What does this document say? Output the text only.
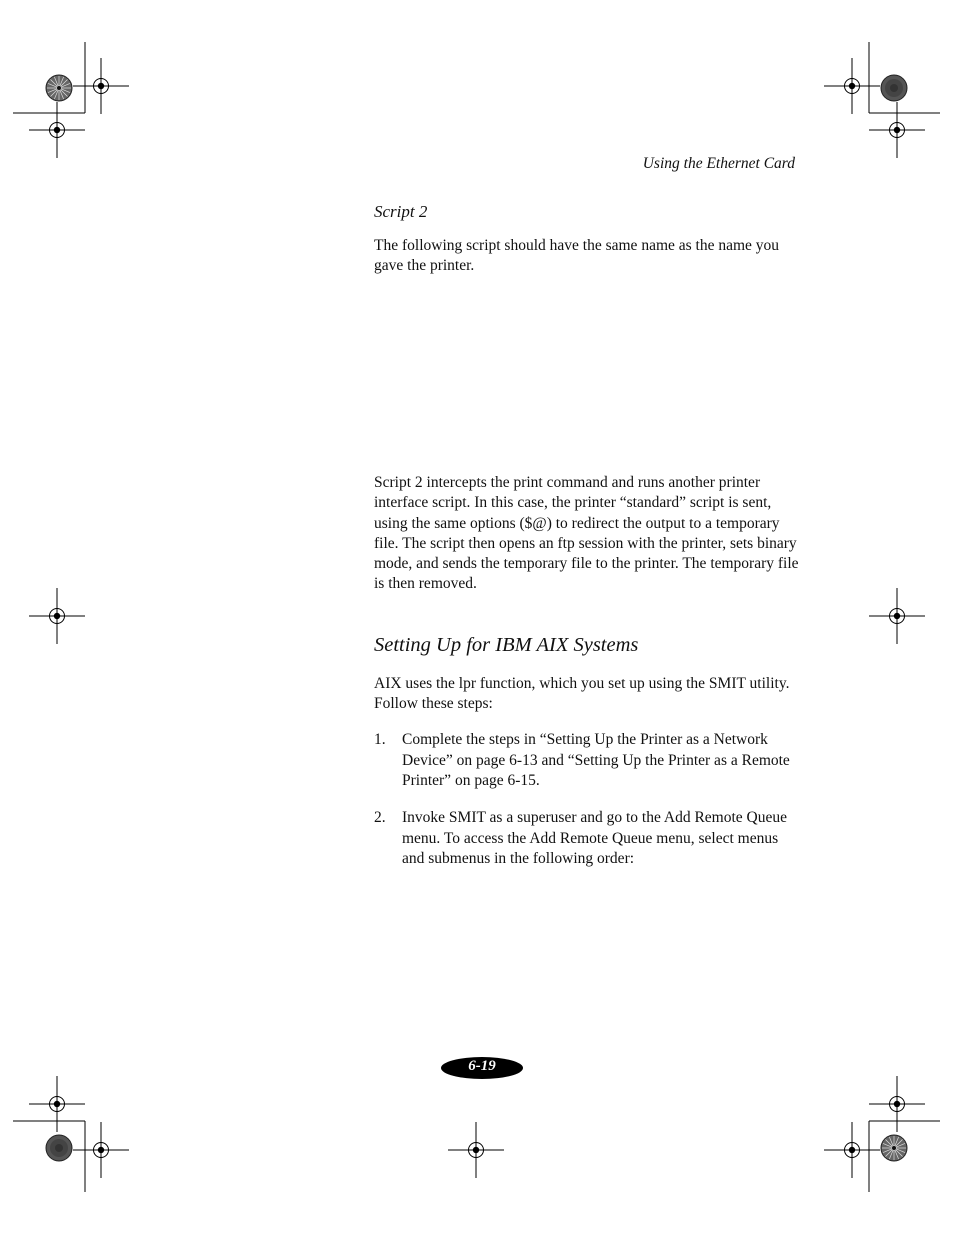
Using the Ethernet Card
Script 2
The following script should have the same name as the name you gave the printer.
Script 2 intercepts the print command and runs another printer interface script. In this case, the printer “standard” script is sent, using the same options ($@) to redirect the output to a temporary file. The script then opens an ftp session with the printer, sets binary mode, and sends the temporary file to the printer. The temporary file is then removed.
Setting Up for IBM AIX Systems
AIX uses the lpr function, which you set up using the SMIT utility. Follow these steps:
1.	Complete the steps in “Setting Up the Printer as a Network Device” on page 6-13 and “Setting Up the Printer as a Remote Printer” on page 6-15.
2.	Invoke SMIT as a superuser and go to the Add Remote Queue menu. To access the Add Remote Queue menu, select menus and submenus in the following order:
6-19
